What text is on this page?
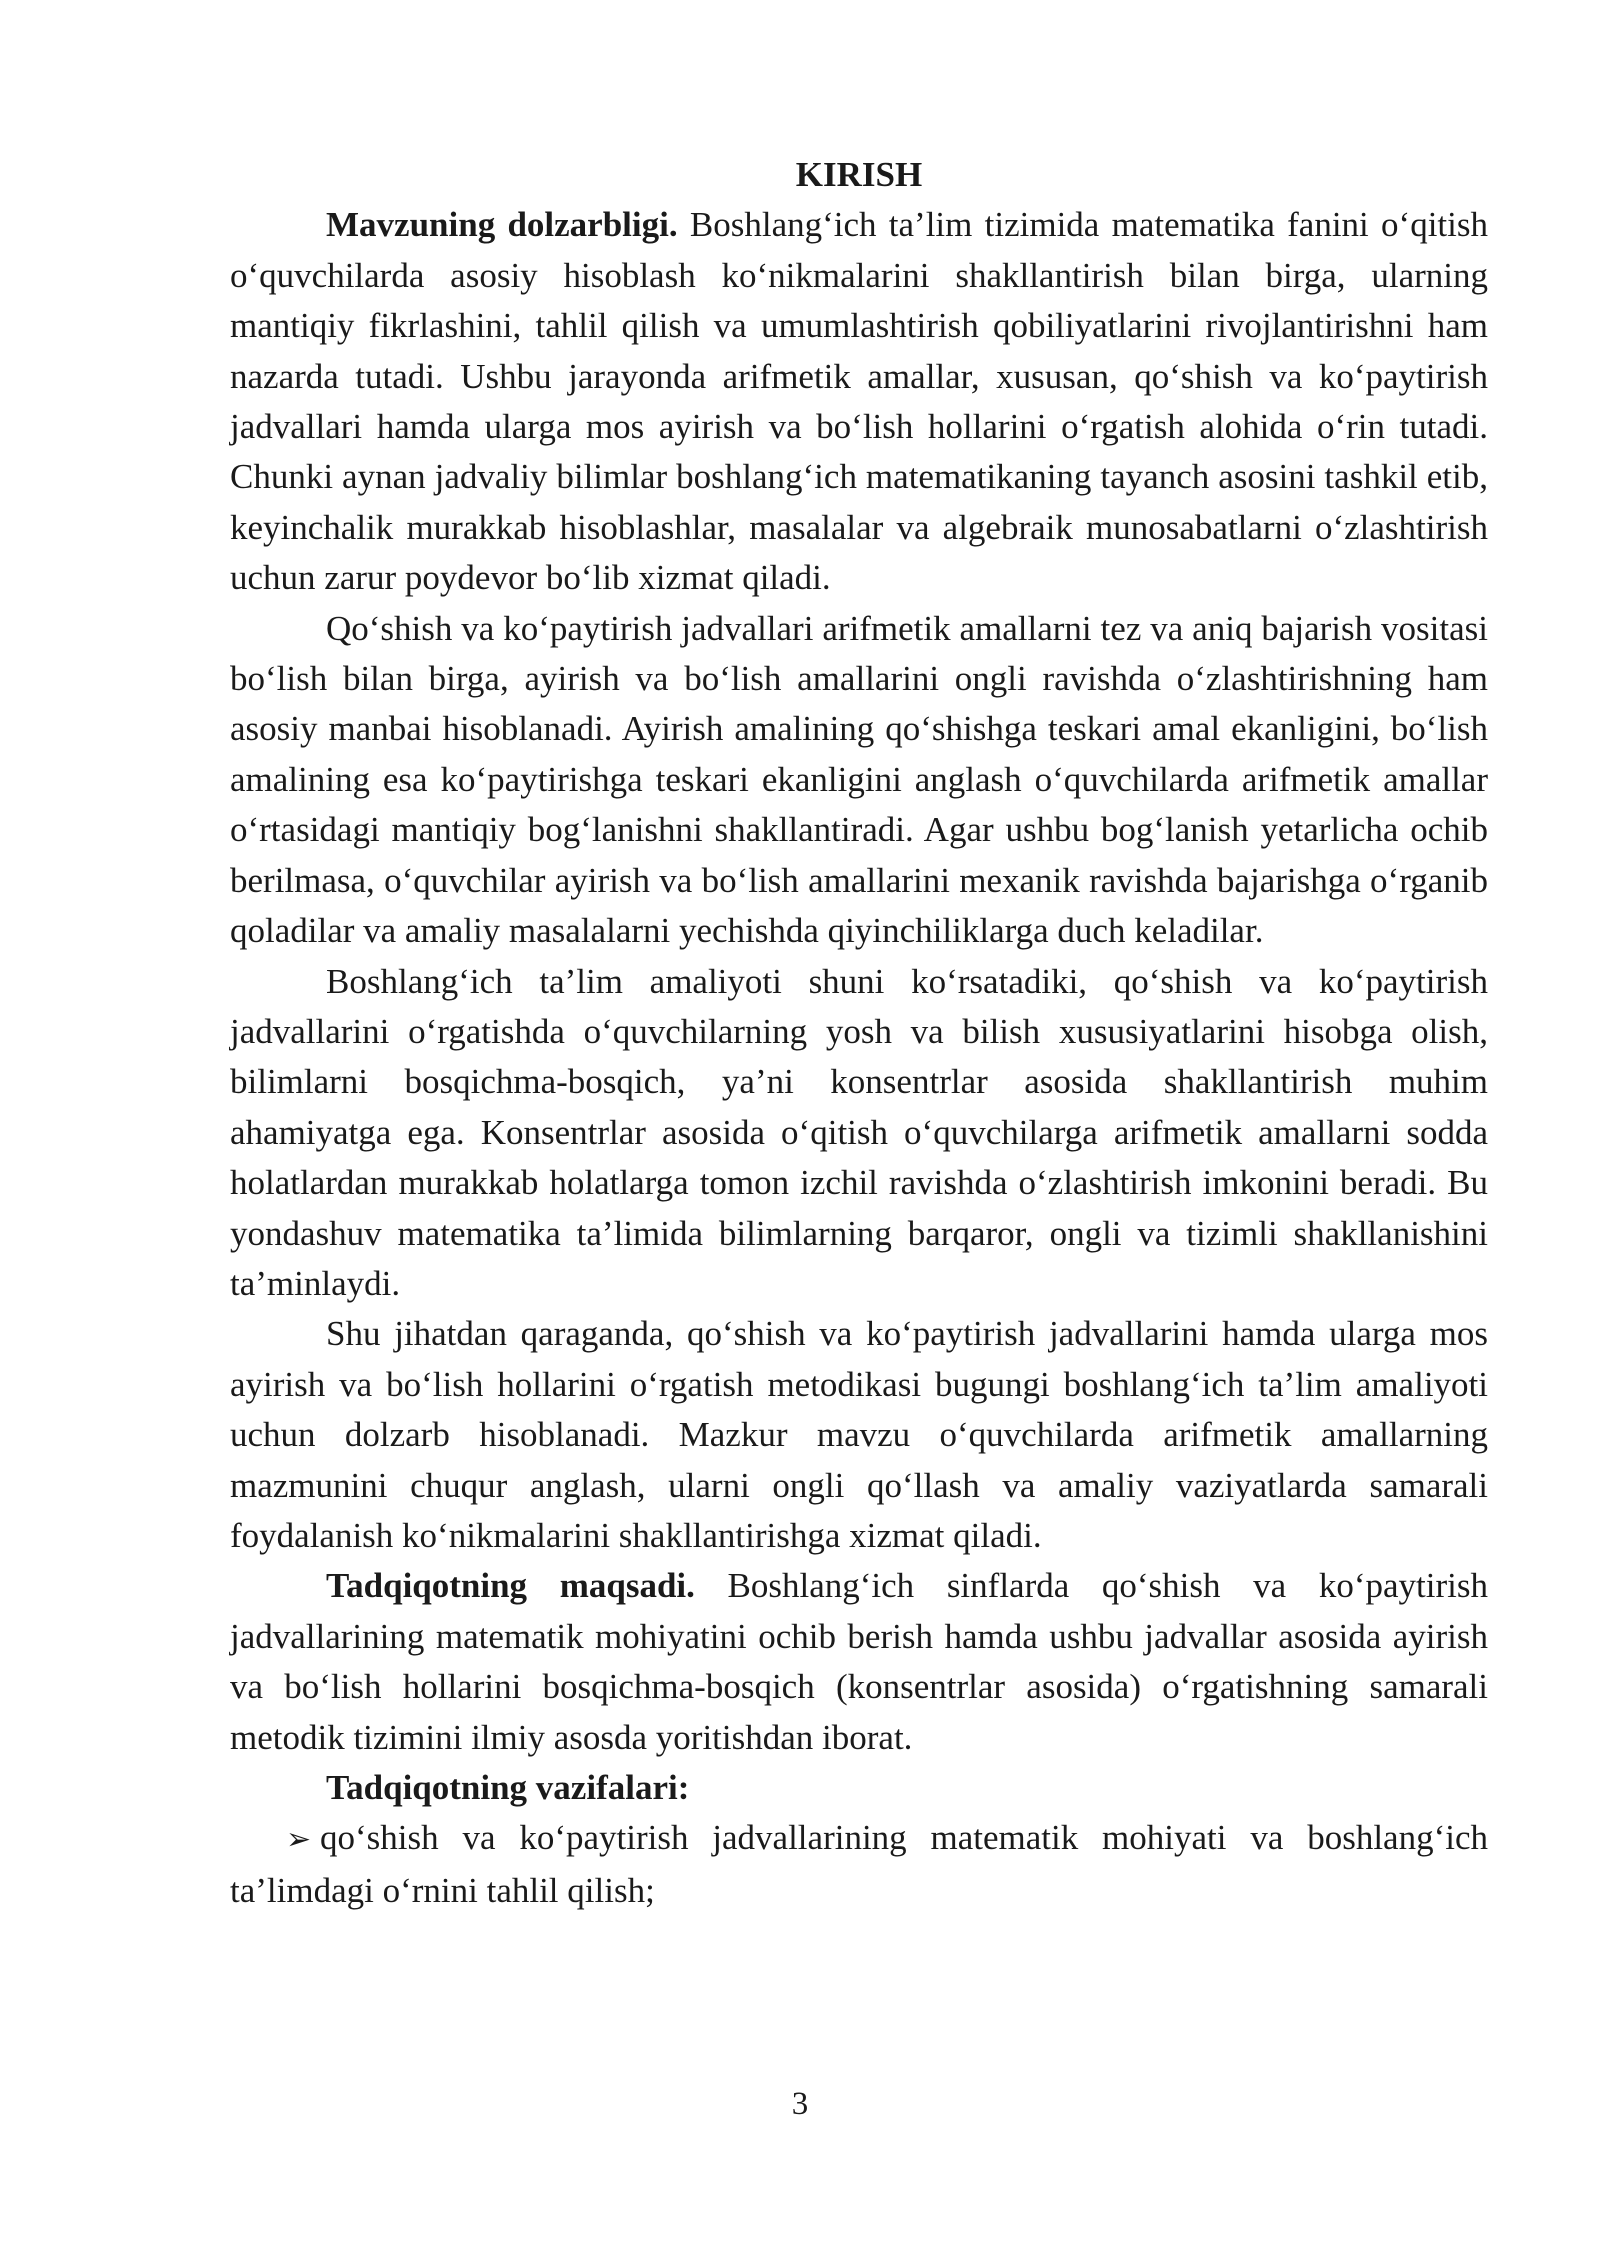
KIRISH

Mavzuning dolzarbligi. Boshlang‘ich ta’lim tizimida matematika fanini o‘qitish o‘quvchilarda asosiy hisoblash ko‘nikmalarini shakllantirish bilan birga, ularning mantiqiy fikrlashini, tahlil qilish va umumlashtirish qobiliyatlarini rivojlantirishni ham nazarda tutadi. Ushbu jarayonda arifmetik amallar, xususan, qo‘shish va ko‘paytirish jadvallari hamda ularga mos ayirish va bo‘lish hollarini o‘rgatish alohida o‘rin tutadi. Chunki aynan jadvaliy bilimlar boshlang‘ich matematikaning tayanch asosini tashkil etib, keyinchalik murakkab hisoblashlar, masalalar va algebraik munosabatlarni o‘zlashtirish uchun zarur poydevor bo‘lib xizmat qiladi.

Qo‘shish va ko‘paytirish jadvallari arifmetik amallarni tez va aniq bajarish vositasi bo‘lish bilan birga, ayirish va bo‘lish amallarini ongli ravishda o‘zlashtirishning ham asosiy manbai hisoblanadi. Ayirish amalining qo‘shishga teskari amal ekanligini, bo‘lish amalining esa ko‘paytirishga teskari ekanligini anglash o‘quvchilarda arifmetik amallar o‘rtasidagi mantiqiy bog‘lanishni shakllantiradi. Agar ushbu bog‘lanish yetarlicha ochib berilmasa, o‘quvchilar ayirish va bo‘lish amallarini mexanik ravishda bajarishga o‘rganib qoladilar va amaliy masalalarni yechishda qiyinchiliklarga duch keladilar.

Boshlang‘ich ta’lim amaliyoti shuni ko‘rsatadiki, qo‘shish va ko‘paytirish jadvallarini o‘rgatishda o‘quvchilarning yosh va bilish xususiyatlarini hisobga olish, bilimlarni bosqichma-bosqich, ya’ni konsentrlar asosida shakllantirish muhim ahamiyatga ega. Konsentrlar asosida o‘qitish o‘quvchilarga arifmetik amallarni sodda holatlardan murakkab holatlarga tomon izchil ravishda o‘zlashtirish imkonini beradi. Bu yondashuv matematika ta’limida bilimlarning barqaror, ongli va tizimli shakllanishini ta’minlaydi.

Shu jihatdan qaraganda, qo‘shish va ko‘paytirish jadvallarini hamda ularga mos ayirish va bo‘lish hollarini o‘rgatish metodikasi bugungi boshlang‘ich ta’lim amaliyoti uchun dolzarb hisoblanadi. Mazkur mavzu o‘quvchilarda arifmetik amallarning mazmunini chuqur anglash, ularni ongli qo‘llash va amaliy vaziyatlarda samarali foydalanish ko‘nikmalarini shakllantirishga xizmat qiladi.

Tadqiqotning maqsadi. Boshlang‘ich sinflarda qo‘shish va ko‘paytirish jadvallarining matematik mohiyatini ochib berish hamda ushbu jadvallar asosida ayirish va bo‘lish hollarini bosqichma-bosqich (konsentrlar asosida) o‘rgatishning samarali metodik tizimini ilmiy asosda yoritishdan iborat.

Tadqiqotning vazifalari:
➢ qo‘shish va ko‘paytirish jadvallarining matematik mohiyati va boshlang‘ich ta’limdagi o‘rnini tahlil qilish;
3
